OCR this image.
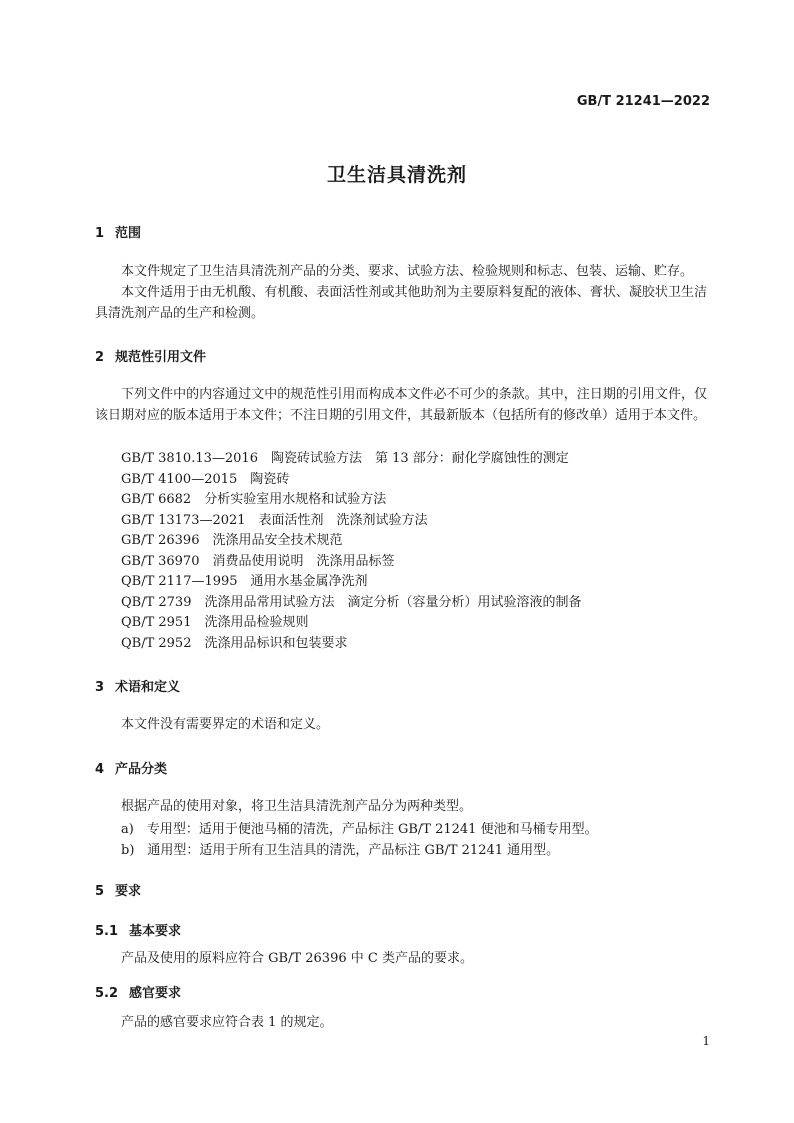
GB/T 21241—2022
卫生洁具清洗剂
1 范围
本文件规定了卫生洁具清洗剂产品的分类、要求、试验方法、检验规则和标志、包装、运输、贮存。
本文件适用于由无机酸、有机酸、表面活性剂或其他助剂为主要原料复配的液体、膏状、凝胶状卫生洁具清洗剂产品的生产和检测。
2 规范性引用文件
下列文件中的内容通过文中的规范性引用而构成本文件必不可少的条款。其中，注日期的引用文件，仅该日期对应的版本适用于本文件；不注日期的引用文件，其最新版本（包括所有的修改单）适用于本文件。
GB/T 3810.13—2016　陶瓷砖试验方法　第 13 部分：耐化学腐蚀性的测定
GB/T 4100—2015　陶瓷砖
GB/T 6682　分析实验室用水规格和试验方法
GB/T 13173—2021　表面活性剂　洗涤剂试验方法
GB/T 26396　洗涤用品安全技术规范
GB/T 36970　消费品使用说明　洗涤用品标签
QB/T 2117—1995　通用水基金属净洗剂
QB/T 2739　洗涤用品常用试验方法　滴定分析（容量分析）用试验溶液的制备
QB/T 2951　洗涤用品检验规则
QB/T 2952　洗涤用品标识和包装要求
3 术语和定义
本文件没有需要界定的术语和定义。
4 产品分类
根据产品的使用对象，将卫生洁具清洗剂产品分为两种类型。
a)　专用型：适用于便池马桶的清洗，产品标注 GB/T 21241 便池和马桶专用型。
b)　通用型：适用于所有卫生洁具的清洗，产品标注 GB/T 21241 通用型。
5 要求
5.1 基本要求
产品及使用的原料应符合 GB/T 26396 中 C 类产品的要求。
5.2 感官要求
产品的感官要求应符合表 1 的规定。
1
